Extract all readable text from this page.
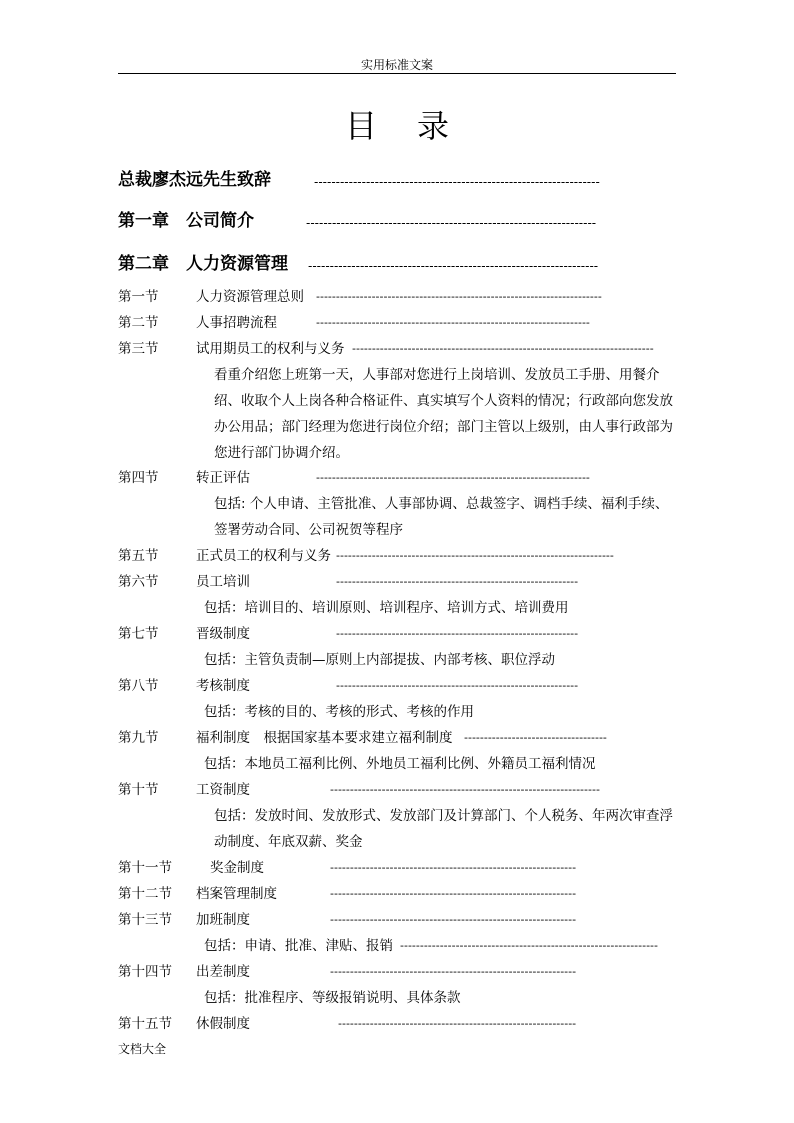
实用标准文案
目录
总裁廖杰远先生致辞	------------------------------------------------------------------
第一章　公司简介	-------------------------------------------------------------------
第二章　人力资源管理 -------------------------------------------------------------------
第一节	人力资源管理总则 ------------------------------------------------------------------------
第二节	人事招聘流程	---------------------------------------------------------------------
第三节	试用期员工的权利与义务 ----------------------------------------------------------------------------
看重介绍您上班第一天，人事部对您进行上岗培训、发放员工手册、用餐介绍、收取个人上岗各种合格证件、真实填写个人资料的情况；行政部向您发放办公用品；部门经理为您进行岗位介绍；部门主管以上级别，由人事行政部为您进行部门协调介绍。
第四节	转正评估	---------------------------------------------------------------------
包括: 个人申请、主管批准、人事部协调、总裁签字、调档手续、福利手续、签署劳动合同、公司祝贺等程序
第五节	正式员工的权利与义务 ----------------------------------------------------------------------
第六节	员工培训	-------------------------------------------------------------
包括：培训目的、培训原则、培训程序、培训方式、培训费用
第七节	晋级制度	-------------------------------------------------------------
包括：主管负责制—原则上内部提拔、内部考核、职位浮动
第八节	考核制度	-------------------------------------------------------------
包括：考核的目的、考核的形式、考核的作用
第九节	福利制度　根据国家基本要求建立福利制度 ------------------------------------
包括：本地员工福利比例、外地员工福利比例、外籍员工福利情况
第十节	工资制度	--------------------------------------------------------------------
包括：发放时间、发放形式、发放部门及计算部门、个人税务、年两次审查浮动制度、年底双薪、奖金
第十一节	奖金制度	--------------------------------------------------------------
第十二节 档案管理制度	--------------------------------------------------------------
第十三节 加班制度	--------------------------------------------------------------
包括：申请、批准、津贴、报销 -----------------------------------------------------------------
第十四节 出差制度	--------------------------------------------------------------
包括：批准程序、等级报销说明、具体条款
第十五节 休假制度	------------------------------------------------------------
文档大全
